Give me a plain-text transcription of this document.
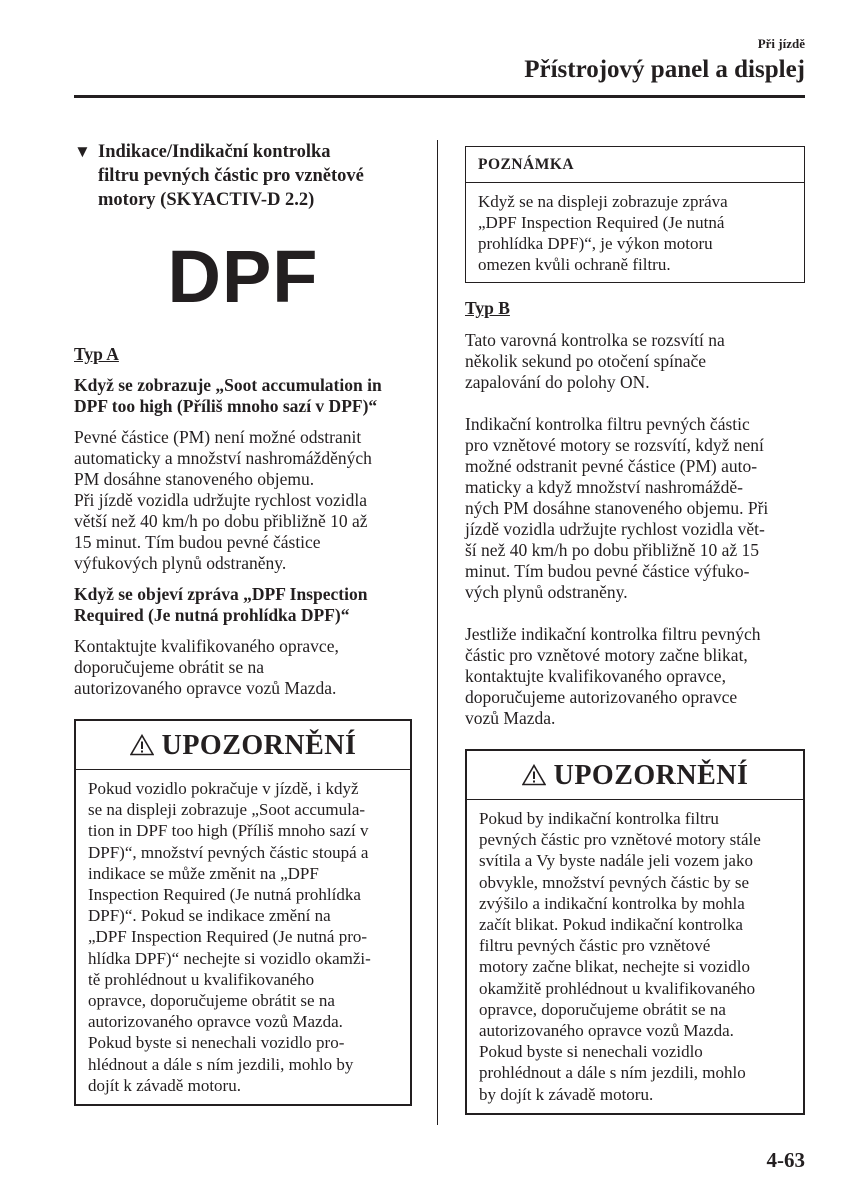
Při jízdě
Přístrojový panel a displej
▼ Indikace/Indikační kontrolka
filtru pevných částic pro vznětové
motory (SKYACTIV-D 2.2)

DPF

Typ A

Když se zobrazuje „Soot accumulation in
DPF too high (Příliš mnoho sazí v DPF)“

Pevné částice (PM) není možné odstranit
automaticky a množství nashromážděných
PM dosáhne stanoveného objemu.

Při jízdě vozidla udržujte rychlost vozidla
větší než 40 km/h po dobu přibližně 10 až
15 minut. Tím budou pevné částice
výfukových plynů odstraněny.

Když se objeví zpráva „DPF Inspection
Required (Je nutná prohlídka DPF)“

Kontaktujte kvalifikovaného opravce,
doporučujeme obrátit se na
autorizovaného opravce vozů Mazda.

UPOZORNĚNÍ
Pokud vozidlo pokračuje v jízdě, i když
se na displeji zobrazuje „Soot accumula-
tion in DPF too high (Příliš mnoho sazí v
DPF)“, množství pevných částic stoupá a
indikace se může změnit na „DPF
Inspection Required (Je nutná prohlídka
DPF)“. Pokud se indikace změní na
„DPF Inspection Required (Je nutná pro-
hlídka DPF)“ nechejte si vozidlo okamži-
tě prohlédnout u kvalifikovaného
opravce, doporučujeme obrátit se na
autorizovaného opravce vozů Mazda.
Pokud byste si nenechali vozidlo pro-
hlédnout a dále s ním jezdili, mohlo by
dojít k závadě motoru.
POZNÁMKA
Když se na displeji zobrazuje zpráva
„DPF Inspection Required (Je nutná
prohlídka DPF)“, je výkon motoru
omezen kvůli ochraně filtru.

Typ B

Tato varovná kontrolka se rozsvítí na
několik sekund po otočení spínače
zapalování do polohy ON.

Indikační kontrolka filtru pevných částic
pro vznětové motory se rozsvítí, když není
možné odstranit pevné částice (PM) auto-
maticky a když množství nashromáždě-
ných PM dosáhne stanoveného objemu. Při
jízdě vozidla udržujte rychlost vozidla vět-
ší než 40 km/h po dobu přibližně 10 až 15
minut. Tím budou pevné částice výfuko-
vých plynů odstraněny.

Jestliže indikační kontrolka filtru pevných
částic pro vznětové motory začne blikat,
kontaktujte kvalifikovaného opravce,
doporučujeme autorizovaného opravce
vozů Mazda.

UPOZORNĚNÍ
Pokud by indikační kontrolka filtru
pevných částic pro vznětové motory stále
svítila a Vy byste nadále jeli vozem jako
obvykle, množství pevných částic by se
zvýšilo a indikační kontrolka by mohla
začít blikat. Pokud indikační kontrolka
filtru pevných částic pro vznětové
motory začne blikat, nechejte si vozidlo
okamžitě prohlédnout u kvalifikovaného
opravce, doporučujeme obrátit se na
autorizovaného opravce vozů Mazda.
Pokud byste si nenechali vozidlo
prohlédnout a dále s ním jezdili, mohlo
by dojít k závadě motoru.
4-63
